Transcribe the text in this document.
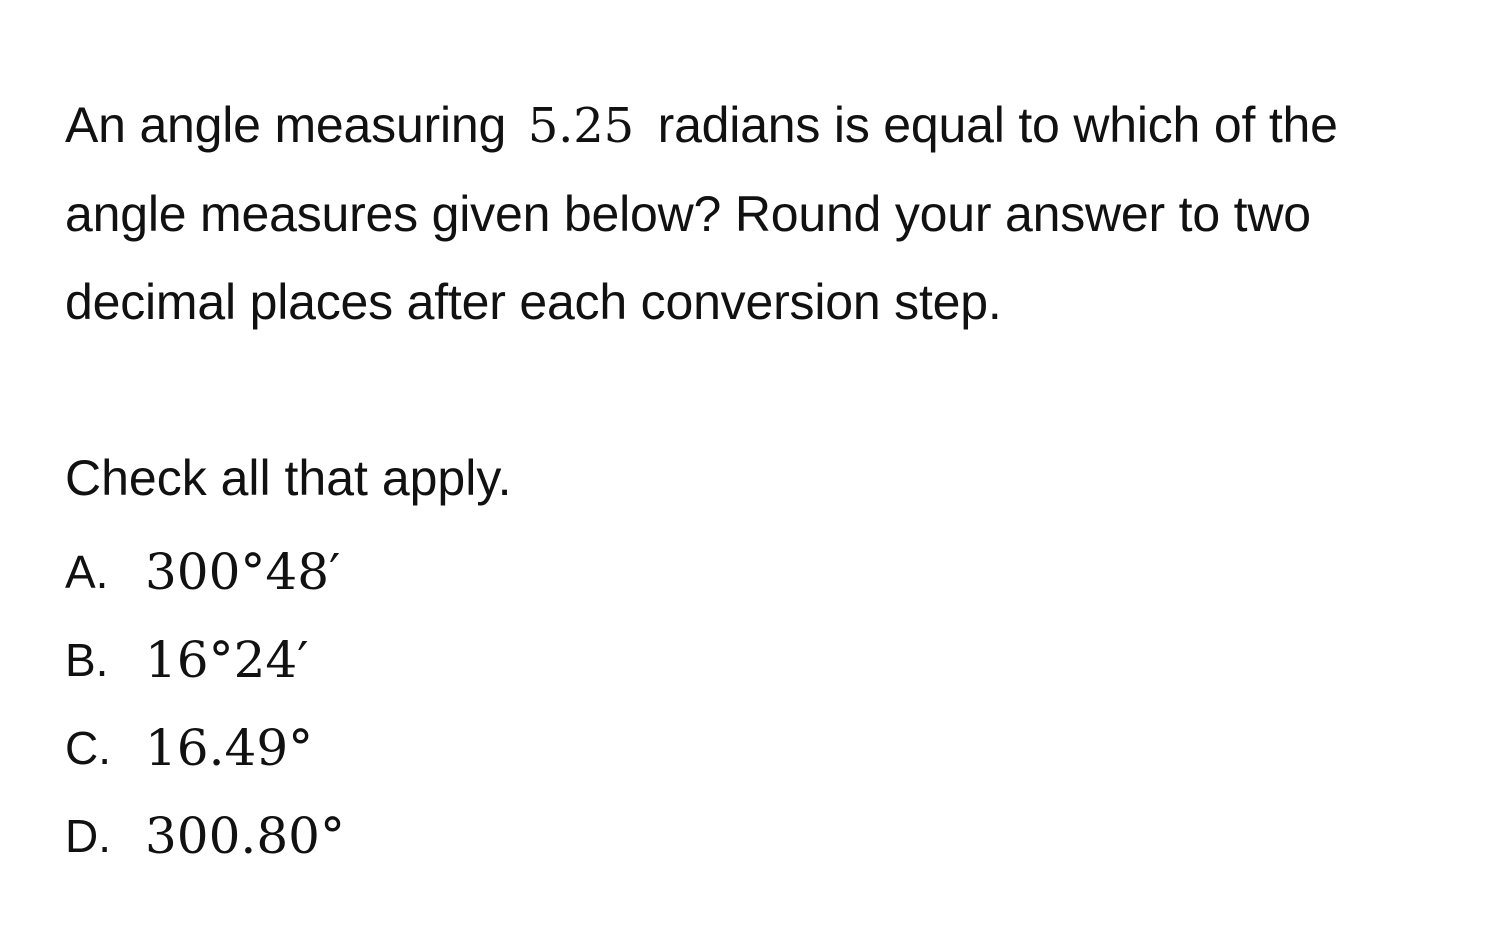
An angle measuring 5.25 radians is equal to which of the angle measures given below? Round your answer to two decimal places after each conversion step.

Check all that apply.

A. 300°48′
B. 16°24′
C. 16.49°
D. 300.80°
